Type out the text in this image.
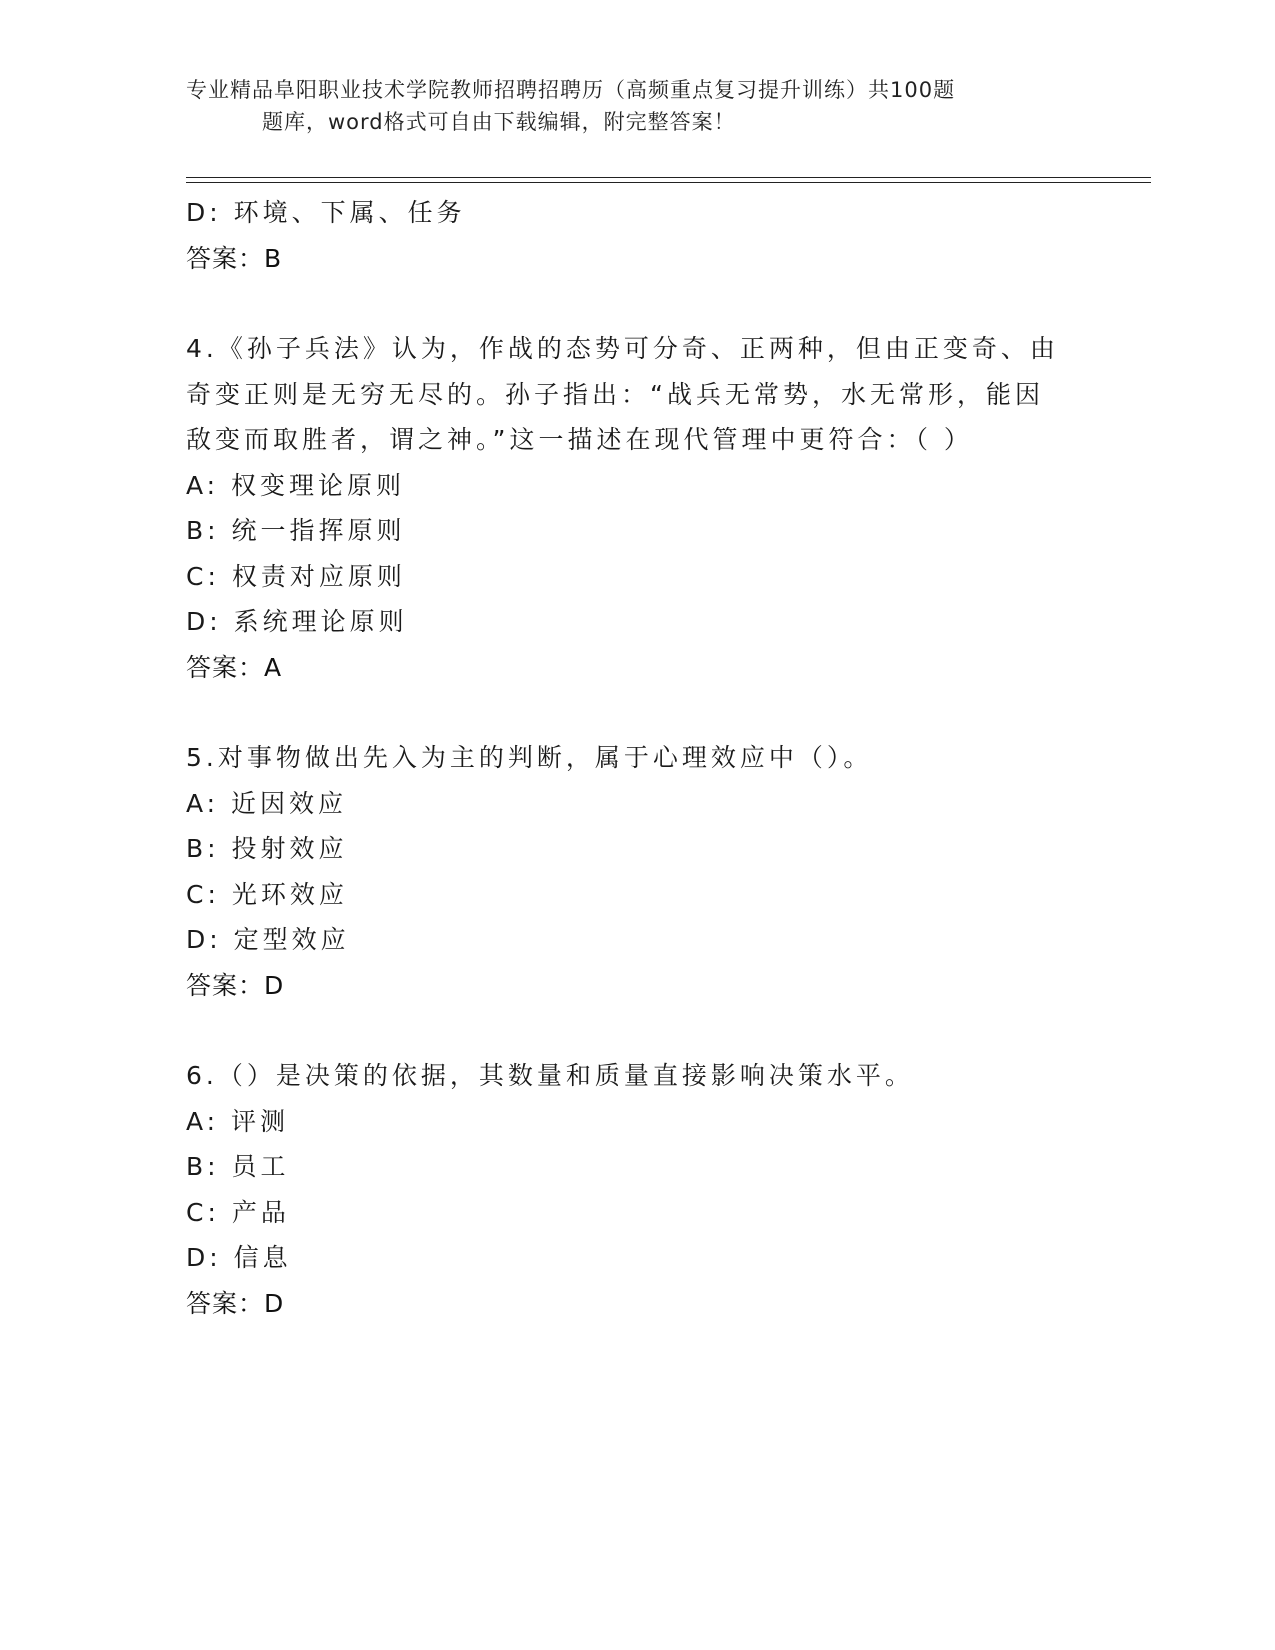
专业精品阜阳职业技术学院教师招聘招聘历（高频重点复习提升训练）共100题
题库，word格式可自由下载编辑，附完整答案！
D: 环境、下属、任务
答案：B
4.《孙子兵法》认为，作战的态势可分奇、正两种，但由正变奇、由
奇变正则是无穷无尽的。孙子指出：“战兵无常势，水无常形，能因
敌变而取胜者，谓之神。”这一描述在现代管理中更符合：（ ）
A: 权变理论原则
B: 统一指挥原则
C: 权责对应原则
D: 系统理论原则
答案：A
5.对事物做出先入为主的判断，属于心理效应中（）。
A: 近因效应
B: 投射效应
C: 光环效应
D: 定型效应
答案：D
6.（）是决策的依据，其数量和质量直接影响决策水平。
A: 评测
B: 员工
C: 产品
D: 信息
答案：D
